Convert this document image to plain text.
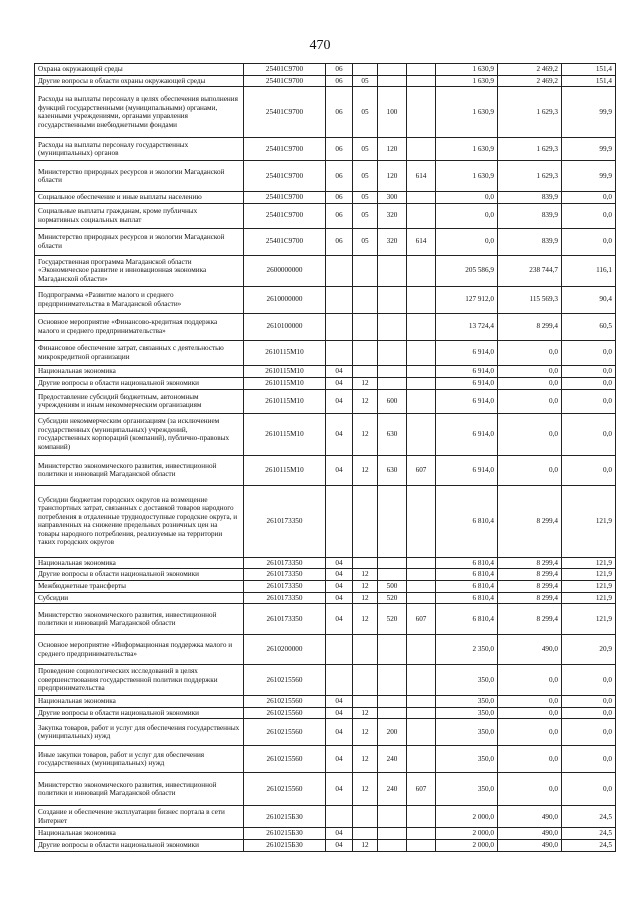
470
Охрана окружающей среды	25401С9700	06				1 630,9	2 469,2	151,4
Другие вопросы в области охраны окружающей среды	25401С9700	06	05			1 630,9	2 469,2	151,4
Расходы на выплаты персоналу в целях обеспечения выполнения функций государственными (муниципальными) органами, казенными учреждениями, органами управления государственными внебюджетными фондами	25401С9700	06	05	100		1 630,9	1 629,3	99,9
Расходы на выплаты персоналу государственных (муниципальных) органов	25401С9700	06	05	120		1 630,9	1 629,3	99,9
Министерство природных ресурсов и экологии Магаданской области	25401С9700	06	05	120	614	1 630,9	1 629,3	99,9
Социальное обеспечение и иные выплаты населению	25401С9700	06	05	300		0,0	839,9	0,0
Социальные выплаты гражданам, кроме публичных нормативных социальных выплат	25401С9700	06	05	320		0,0	839,9	0,0
Министерство природных ресурсов и экологии Магаданской области	25401С9700	06	05	320	614	0,0	839,9	0,0
Государственная программа Магаданской области «Экономическое развитие и инновационная экономика Магаданской области»	2600000000					205 586,9	238 744,7	116,1
Подпрограмма «Развитие малого и среднего предпринимательства в Магаданской области»	2610000000					127 912,0	115 569,3	90,4
Основное мероприятие «Финансово-кредитная поддержка малого и среднего предпринимательства»	2610100000					13 724,4	8 299,4	60,5
Финансовое обеспечение затрат, связанных с деятельностью микрокредитной организации	2610115М10					6 914,0	0,0	0,0
Национальная экономика	2610115М10	04				6 914,0	0,0	0,0
Другие вопросы в области национальной экономики	2610115М10	04	12			6 914,0	0,0	0,0
Предоставление субсидий бюджетным, автономным учреждениям и иным некоммерческим организациям	2610115М10	04	12	600		6 914,0	0,0	0,0
Субсидии некоммерческим организациям (за исключением государственных (муниципальных) учреждений, государственных корпораций (компаний), публично-правовых компаний)	2610115М10	04	12	630		6 914,0	0,0	0,0
Министерство экономического развития, инвестиционной политики и инноваций Магаданской области	2610115М10	04	12	630	607	6 914,0	0,0	0,0
Субсидии бюджетам городских округов на возмещение транспортных затрат, связанных с доставкой товаров народного потребления в отдаленные труднодоступные городские округа, и направленных на снижение предельных розничных цен на товары народного потребления, реализуемые на территории таких городских округов	2610173350					6 810,4	8 299,4	121,9
Национальная экономика	2610173350	04				6 810,4	8 299,4	121,9
Другие вопросы в области национальной экономики	2610173350	04	12			6 810,4	8 299,4	121,9
Межбюджетные трансферты	2610173350	04	12	500		6 810,4	8 299,4	121,9
Субсидии	2610173350	04	12	520		6 810,4	8 299,4	121,9
Министерство экономического развития, инвестиционной политики и инноваций Магаданской области	2610173350	04	12	520	607	6 810,4	8 299,4	121,9
Основное мероприятие «Информационная поддержка малого и среднего предпринимательства»	2610200000					2 350,0	490,0	20,9
Проведение социологических исследований в целях совершенствования государственной политики поддержки предпринимательства	2610215560					350,0	0,0	0,0
Национальная экономика	2610215560	04				350,0	0,0	0,0
Другие вопросы в области национальной экономики	2610215560	04	12			350,0	0,0	0,0
Закупка товаров, работ и услуг для обеспечения государственных (муниципальных) нужд	2610215560	04	12	200		350,0	0,0	0,0
Иные закупки товаров, работ и услуг для обеспечения государственных (муниципальных) нужд	2610215560	04	12	240		350,0	0,0	0,0
Министерство экономического развития, инвестиционной политики и инноваций Магаданской области	2610215560	04	12	240	607	350,0	0,0	0,0
Создание и обеспечение эксплуатации бизнес портала в сети Интернет	2610215Б30					2 000,0	490,0	24,5
Национальная экономика	2610215Б30	04				2 000,0	490,0	24,5
Другие вопросы в области национальной экономики	2610215Б30	04	12			2 000,0	490,0	24,5
